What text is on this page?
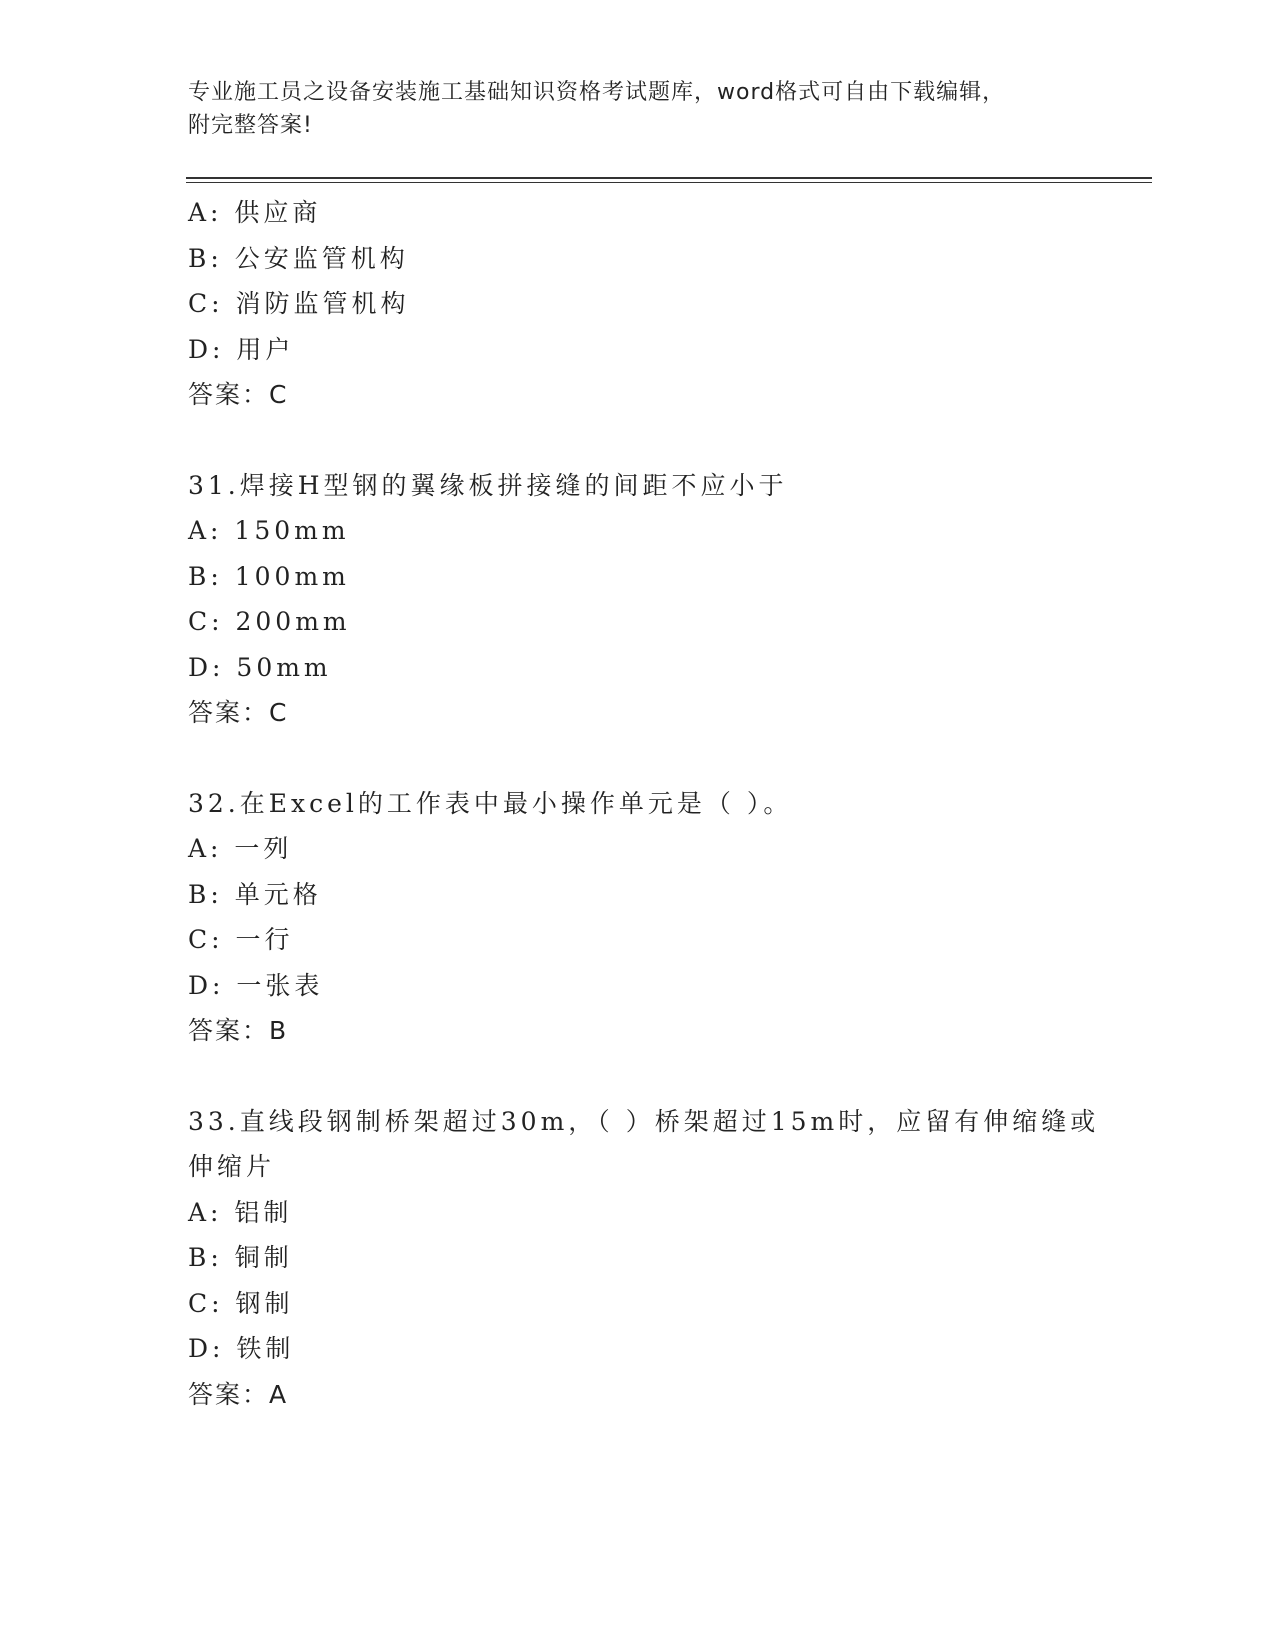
专业施工员之设备安装施工基础知识资格考试题库，word格式可自由下载编辑，
附完整答案!
A: 供应商
B: 公安监管机构
C: 消防监管机构
D: 用户
答案：C
31.焊接H型钢的翼缘板拼接缝的间距不应小于
A: 150mm
B: 100mm
C: 200mm
D: 50mm
答案：C
32.在Excel的工作表中最小操作单元是（ ）。
A: 一列
B: 单元格
C: 一行
D: 一张表
答案：B
33.直线段钢制桥架超过30m，（ ）桥架超过15m时，应留有伸缩缝或
伸缩片
A: 铝制
B: 铜制
C: 钢制
D: 铁制
答案：A
